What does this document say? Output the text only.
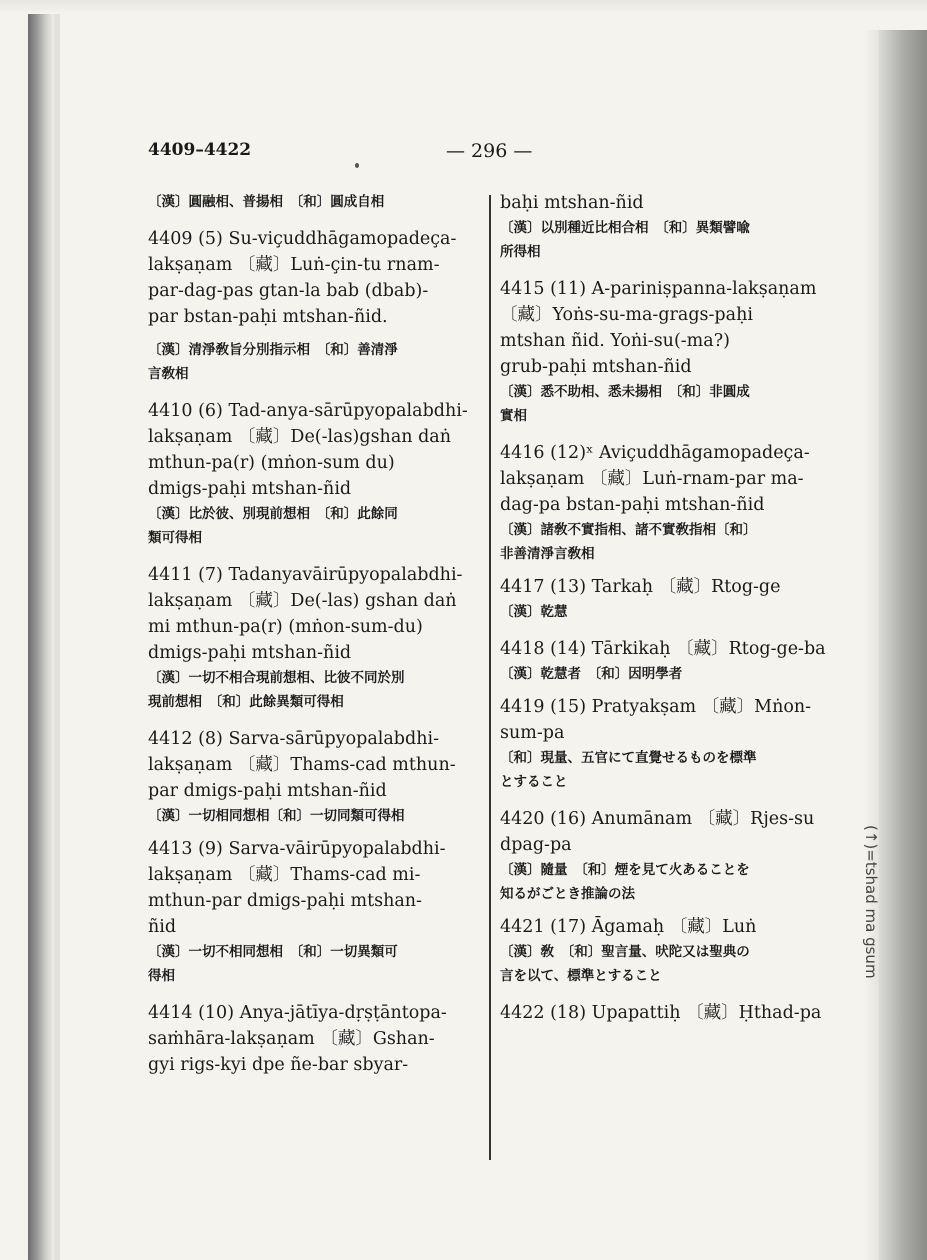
4409–4422	— 296 —
〔漢〕圓融相、普揚相　〔和〕圓成自相
4409 (5) Su-viçuddhāgamopadeça-
lakṣaṇam 〔藏〕Luṅ-çin-tu rnam-
par-dag-pas gtan-la bab (dbab)-
par bstan-paḥi mtshan-ñid.
〔漢〕清淨敎旨分別指示相　〔和〕善清淨
言敎相
4410 (6) Tad-anya-sārūpyopalabdhi-
lakṣaṇam 〔藏〕De(-las)gshan daṅ
mthun-pa(r) (mṅon-sum du)
dmigs-paḥi mtshan-ñid
〔漢〕比於彼、別現前想相　〔和〕此餘同
類可得相
4411 (7) Tadanyavāirūpyopalabdhi-
lakṣaṇam 〔藏〕De(-las) gshan daṅ
mi mthun-pa(r) (mṅon-sum-du)
dmigs-paḥi mtshan-ñid
〔漢〕一切不相合現前想相、比彼不同於別
現前想相　〔和〕此餘異類可得相
4412 (8) Sarva-sārūpyopalabdhi-
lakṣaṇam 〔藏〕Thams-cad mthun-
par dmigs-paḥi mtshan-ñid
〔漢〕一切相同想相〔和〕一切同類可得相
4413 (9) Sarva-vāirūpyopalabdhi-
lakṣaṇam 〔藏〕Thams-cad mi-
mthun-par dmigs-paḥi mtshan-
ñid
〔漢〕一切不相同想相　〔和〕一切異類可
得相
4414 (10) Anya-jātīya-dṛṣṭāntopa-
saṁhāra-lakṣaṇam 〔藏〕Gshan-
gyi rigs-kyi dpe ñe-bar sbyar-
baḥi mtshan-ñid
〔漢〕以別種近比相合相　〔和〕異類譬喩
所得相
4415 (11) A-pariniṣpanna-lakṣaṇam
〔藏〕Yoṅs-su-ma-grags-paḥi
mtshan ñid. Yoṅi-su(-ma?)
grub-paḥi mtshan-ñid
〔漢〕悉不助相、悉未揚相　〔和〕非圓成
實相
4416 (12)ˣ Aviçuddhāgamopadeça-
lakṣaṇam 〔藏〕Luṅ-rnam-par ma-
dag-pa bstan-paḥi mtshan-ñid
〔漢〕諸敎不實指相、諸不實敎指相〔和〕
非善清淨言敎相
4417 (13) Tarkaḥ 〔藏〕Rtog-ge
〔漢〕乾慧
4418 (14) Tārkikaḥ 〔藏〕Rtog-ge-ba
〔漢〕乾慧者　〔和〕因明學者
4419 (15) Pratyakṣam 〔藏〕Mṅon-
sum-pa
〔和〕現量、五官にて直覺せるものを標準
とすること
4420 (16) Anumānam 〔藏〕Rjes-su
dpag-pa
〔漢〕隨量　〔和〕煙を見て火あることを
知るがごとき推論の法
4421 (17) Āgamaḥ 〔藏〕Luṅ
〔漢〕敎　〔和〕聖言量、吠陀又は聖典の
言を以て、標準とすること
4422 (18) Upapattiḥ 〔藏〕Ḥthad-pa
(↑)=tshad ma gsum
